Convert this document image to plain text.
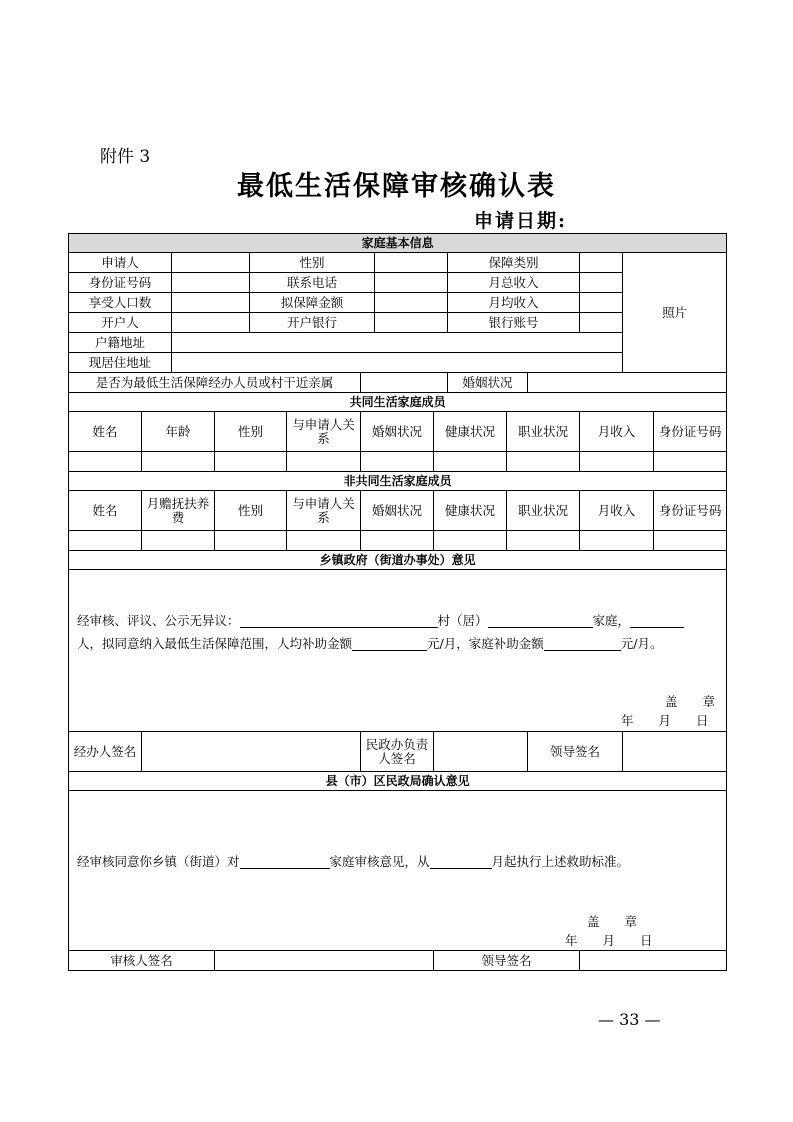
附件 3
最低生活保障审核确认表
申请日期:
家庭基本信息														
申请人				性别					保障类别				照片	
身份证号码				联系电话					月总收入					
享受人口数				拟保障金额					月均收入					
开户人				开户银行					银行账号					
户籍地址														
现居住地址														
是否为最低生活保障经办人员或村干近亲属									婚姻状况					
共同生活家庭成员														
姓名	年龄		性别		与申请人关系	婚姻状况		健康状况		职业状况		月收入		身份证号码

非共同生活家庭成员														
姓名	月赡抚扶养费		性别		与申请人关系	婚姻状况		健康状况		职业状况		月收入		身份证号码

乡镇政府（街道办事处）意见														

经审核、评议、公示无异议： 村（居） 家庭，
人，拟同意纳入最低生活保障范围，人均补助金额 元/月，家庭补助金额 元/月。
盖　　章
年　　月　　日														

经办人签名						民政办负责人签名					领导签名			
县（市）区民政局确认意见														

经审核同意你乡镇（街道）对 家庭审核意见，从 月起执行上述救助标准。
盖　　章
年　　月　　日														

审核人签名								领导签名						
— 33 —
